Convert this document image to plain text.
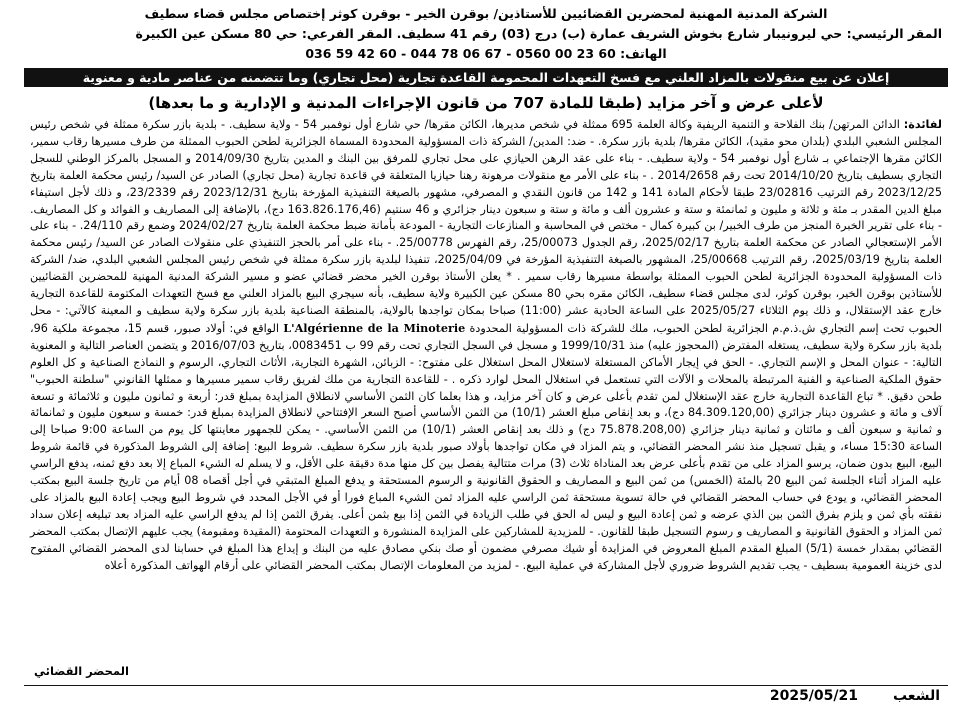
الشركة المدنية المهنية لمحضرين القضائيين للأستاذين/ بوقرن الخير - بوقرن كوثر إختصاص مجلس قضاء سطيف
المقر الرئيسي: حي ليرونيبار شارع بخوش الشريف عمارة (ب) درج (03) رقم 41 سطيف. المقر الفرعي: حي 80 مسكن عين الكبيرة
الهاتف: 036 59 42 60 - 044 78 06 67 - 0560 00 23 60
إعلان عن بيع منقولات بالمزاد العلني مع فسخ التعهدات المحمومة القاعدة تجارية (محل تجاري) وما تتضمنه من عناصر مادية و معنوية
لأعلى عرض و آخر مزايد (طبقا للمادة 707 من قانون الإجراءات المدنية و الإدارية و ما بعدها)

لفائدة: الدائن المرتهن/ بنك الفلاحة و التنمية الريفية وكالة العلمة 695 ممثلة في شخص مديرها، الكائن مقرها/ حي شارع أول نوفمبر 54 - ولاية سطيف. - بلدية بازر سكرة ممثلة في شخص رئيس المجلس الشعبي البلدي (بلدان محو مقيد)، الكائن مقرها/ بلدية بازر سكرة. - ضد: المدين/ الشركة ذات المسؤولية المحدودة المسماة الجزائرية لطحن الحبوب الممثلة من طرف مسيرها رقاب سمير، الكائن مقرها الإجتماعي بـ شارع أول نوفمبر 54 - ولاية سطيف. - بناء على عقد الرهن الحيازي على محل تجاري للمرفق بين البنك و المدين بتاريخ 2014/09/30 و المسجل بالمركز الوطني للسجل التجاري بسطيف بتاريخ 2014/10/20 تحت رقم 2014/2658 . - بناء على الأمر مع منقولات مرهونة رهنا حيازيا المتعلقة في قاعدة تجارية (محل تجاري) الصادر عن السيد/ رئيس محكمة العلمة بتاريخ 2023/12/25 رقم الترتيب 23/02816 طبقا لأحكام المادة 141 و 142 من قانون النقدي و المصرفي، مشهور بالصيغة التنفيذية المؤرخة بتاريخ 2023/12/31 رقم 23/2339، و ذلك لأجل استيفاء مبلغ الدين المقدر بـ مئة و ثلاثة و مليون و ثمانمئة و ستة و عشرون ألف و مائة و ستة و سبعون دينار جزائري و 46 سنتيم (163.826.176,46 دج)، بالإضافة إلى المصاريف و الفوائد و كل المصاريف. - بناء على تقرير الخبرة المنجز من طرف الخبير/ بن كبيرة كمال - مختص في المحاسبة و المنازعات التجارية - المودعة بأمانة ضبط محكمة العلمة بتاريخ 2024/02/27 وضمع رقم 24/110. - بناء على الأمر الإستعجالي الصادر عن محكمة العلمة بتاريخ 2025/02/17، رقم الجدول 25/00073، رقم الفهرس 25/00778. - بناء على أمر بالحجز التنفيذي على منقولات الصادر عن السيد/ رئيس محكمة العلمة بتاريخ 2025/03/19، رقم الترتيب 25/00668، المشهور بالصيغة التنفيذية المؤرخة في 2025/04/09، تنفيذا لبلدية بازر سكرة ممثلة في شخص رئيس المجلس الشعبي البلدي، ضد/ الشركة ذات المسؤولية المحدودة الجزائرية لطحن الحبوب الممثلة بواسطة مسيرها رقاب سمير . * يعلن الأستاذ بوقرن الخير محضر قضائي عضو و مسير الشركة المدنية المهنية للمحضرين القضائيين للأستاذين بوقرن الخير، بوقرن كوثر، لدى مجلس قضاء سطيف، الكائن مقره بحي 80 مسكن عين الكبيرة ولاية سطيف، بأنه سيجري البيع بالمزاد العلني مع فسخ التعهدات المكتومة للقاعدة التجارية خارج عقد الإستقلال، و ذلك يوم الثلاثاء 2025/05/27 على الساعة الحادية عشر (11:00) صباحا بمكان تواجدها بالولاية، بالمنطقة الصناعية بلدية بازر سكرة ولاية سطيف و المعينة كالآتي: - محل الحبوب تحت إسم التجاري ش.ذ.م.م الجزائرية لطحن الحبوب، ملك للشركة ذات المسؤولية المحدودة L'Algérienne de la Minoterie الواقع في: أولاد صبور، قسم 15، مجموعة ملكية 96، بلدية بازر سكرة ولاية سطيف، يستغله المفترض (المحجوز عليه) منذ 1999/10/31 و مسجل في السجل التجاري تحت رقم 99 ب 0083451، بتاريخ 2016/07/03 و يتضمن العناصر التالية و المعنوية التالية: - عنوان المحل و الإسم التجاري. - الحق في إيجار الأماكن المستغلة لاستغلال المحل استغلال على مفتوح: - الزبائن، الشهرة التجارية، الأثاث التجاري، الرسوم و النماذج الصناعية و كل العلوم حقوق الملكية الصناعية و الفنية المرتبطة بالمحلات و الآلات التي تستعمل في استغلال المحل لوارد ذكره . - للقاعدة التجارية من ملك لفريق رقاب سمير مسيرها و ممثلها القانوني "سلطنة الحبوب" طحن دقيق. * تباع القاعدة التجارية خارج عقد الإستغلال لمن تقدم بأعلى عرض و كان آخر مزايد، و هذا بعلما كان الثمن الأساسي لانطلاق المزايدة بمبلغ قدر: أربعة و ثمانون مليون و ثلاثمائة و تسعة آلاف و مائة و عشرون دينار جزائري (84.309.120,00 دج)، و بعد إنقاص مبلغ العشر (10/1) من الثمن الأساسي أصبح السعر الإفتتاحي لانطلاق المزايدة بمبلغ قدر: خمسة و سبعون مليون و ثمانمائة و ثمانية و سبعون ألف و مائتان و ثمانية دينار جزائري (75.878.208,00 دج) و ذلك بعد إنقاص العشر (10/1) من الثمن الأساسي. - يمكن للجمهور معاينتها كل يوم من الساعة 9:00 صباحا إلى الساعة 15:30 مساء، و يقبل تسجيل منذ نشر المحضر القضائي، و يتم المزاد في مكان تواجدها بأولاد صبور بلدية بازر سكرة سطيف. شروط البيع: إضافة إلى الشروط المذكورة في قائمة شروط البيع، البيع بدون ضمان، يرسو المزاد على من تقدم بأعلى عرض بعد المناداة ثلاث (3) مرات متتالية يفصل بين كل منها مدة دقيقة على الأقل، و لا يسلم له الشيء المباع إلا بعد دفع ثمنه، يدفع الراسي عليه المزاد أثناء الجلسة ثمن البيع 20 بالمئة (الخمس) من ثمن البيع و المصاريف و الحقوق القانونية و الرسوم المستحقة و يدفع المبلغ المتبقي في أجل أقصاه 08 أيام من تاريخ جلسة البيع بمكتب المحضر القضائي، و يودع في حساب المحضر القضائي في حالة تسوية مستحقة ثمن الراسي عليه المزاد ثمن الشيء المباع فورا أو في الأجل المحدد في شروط البيع ويجب إعادة البيع بالمزاد على نفقته بأي ثمن و يلزم بفرق الثمن بين الذي عرضه و ثمن إعادة البيع و ليس له الحق في طلب الزيادة في الثمن إذا بيع بثمن أعلى. يفرق الثمن إذا لم يدفع الراسي عليه المزاد بعد تبليغه إعلان سداد ثمن المزاد و الحقوق القانونية و المصاريف و رسوم التسجيل طبقا للقانون. - للمزيدية للمشاركين على المزايدة المنشورة و التعهدات المحتومة (المقيدة ومقبومة) يجب عليهم الإتصال بمكتب المحضر القضائي بمقدار خمسة (5/1) المبلغ المقدم المبلغ المعروض في المزايدة أو شيك مصرفي مضمون أو صك بنكي مصادق عليه من البنك و إيداع هذا المبلغ في حسابنا لدى المحضر القضائي المفتوح لدى خزينة العمومية بسطيف - يجب تقديم الشروط ضروري لأجل المشاركة في عملية البيع. - لمزيد من المعلومات الإتصال بمكتب المحضر القضائي على أرقام الهواتف المذكورة أعلاه

المحضر القضائي
الشعب
2025/05/21
